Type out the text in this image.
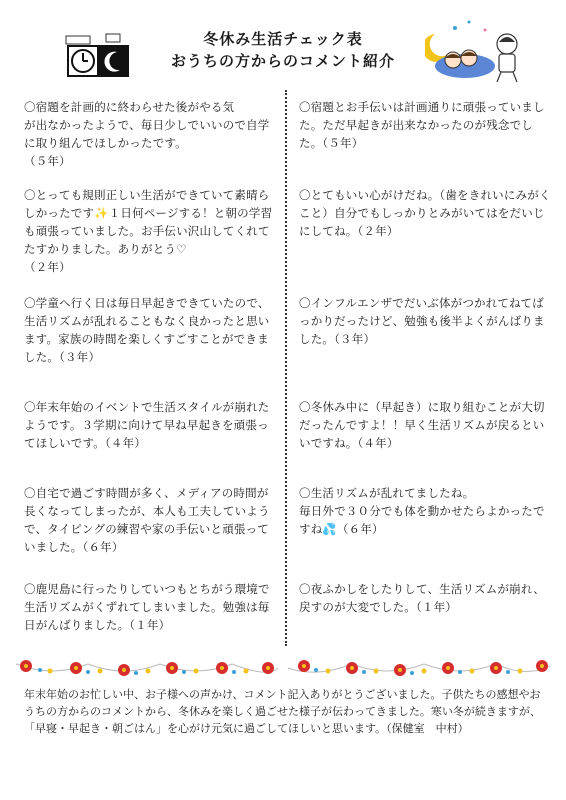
冬休み生活チェック表
おうちの方からのコメント紹介
〇宿題を計画的に終わらせた後がやる気
が出なかったようで、毎日少しでいいので自学に取り組んでほしかったです。
（５年）
〇とっても規則正しい生活ができていて素晴らしかったです✨１日何ページする！と朝の学習も頑張っていました。お手伝い沢山してくれてたすかりました。ありがとう♡
（２年）
〇学童へ行く日は毎日早起きできていたので、生活リズムが乱れることもなく良かったと思います。家族の時間を楽しくすごすことができました。（３年）
〇年末年始のイベントで生活スタイルが崩れたようです。３学期に向けて早ね早起きを頑張ってほしいです。（４年）
〇自宅で過ごす時間が多く、メディアの時間が長くなってしまったが、本人も工夫していようで、タイピングの練習や家の手伝いと頑張っていました。（６年）
〇鹿児島に行ったりしていつもとちがう環境で生活リズムがくずれてしまいました。勉強は毎日がんばりました。（１年）
〇宿題とお手伝いは計画通りに頑張っていました。ただ早起きが出来なかったのが残念でした。（５年）
〇とてもいい心がけだね。（歯をきれいにみがくこと）自分でもしっかりとみがいてはをだいじにしてね。（２年）
〇インフルエンザでだいぶ体がつかれてねてばっかりだったけど、勉強も後半よくがんばりました。（３年）
〇冬休み中に（早起き）に取り組むことが大切だったんですよ！！早く生活リズムが戻るといいですね。（４年）
〇生活リズムが乱れてましたね。
毎日外で３０分でも体を動かせたらよかったですね💦（６年）
〇夜ふかしをしたりして、生活リズムが崩れ、戻すのが大変でした。（１年）
年末年始のお忙しい中、お子様への声かけ、コメント記入ありがとうございました。子供たちの感想やおうちの方からのコメントから、冬休みを楽しく過ごせた様子が伝わってきました。寒い冬が続きますが、「早寝・早起き・朝ごはん」を心がけ元気に過ごしてほしいと思います。（保健室　中村）
